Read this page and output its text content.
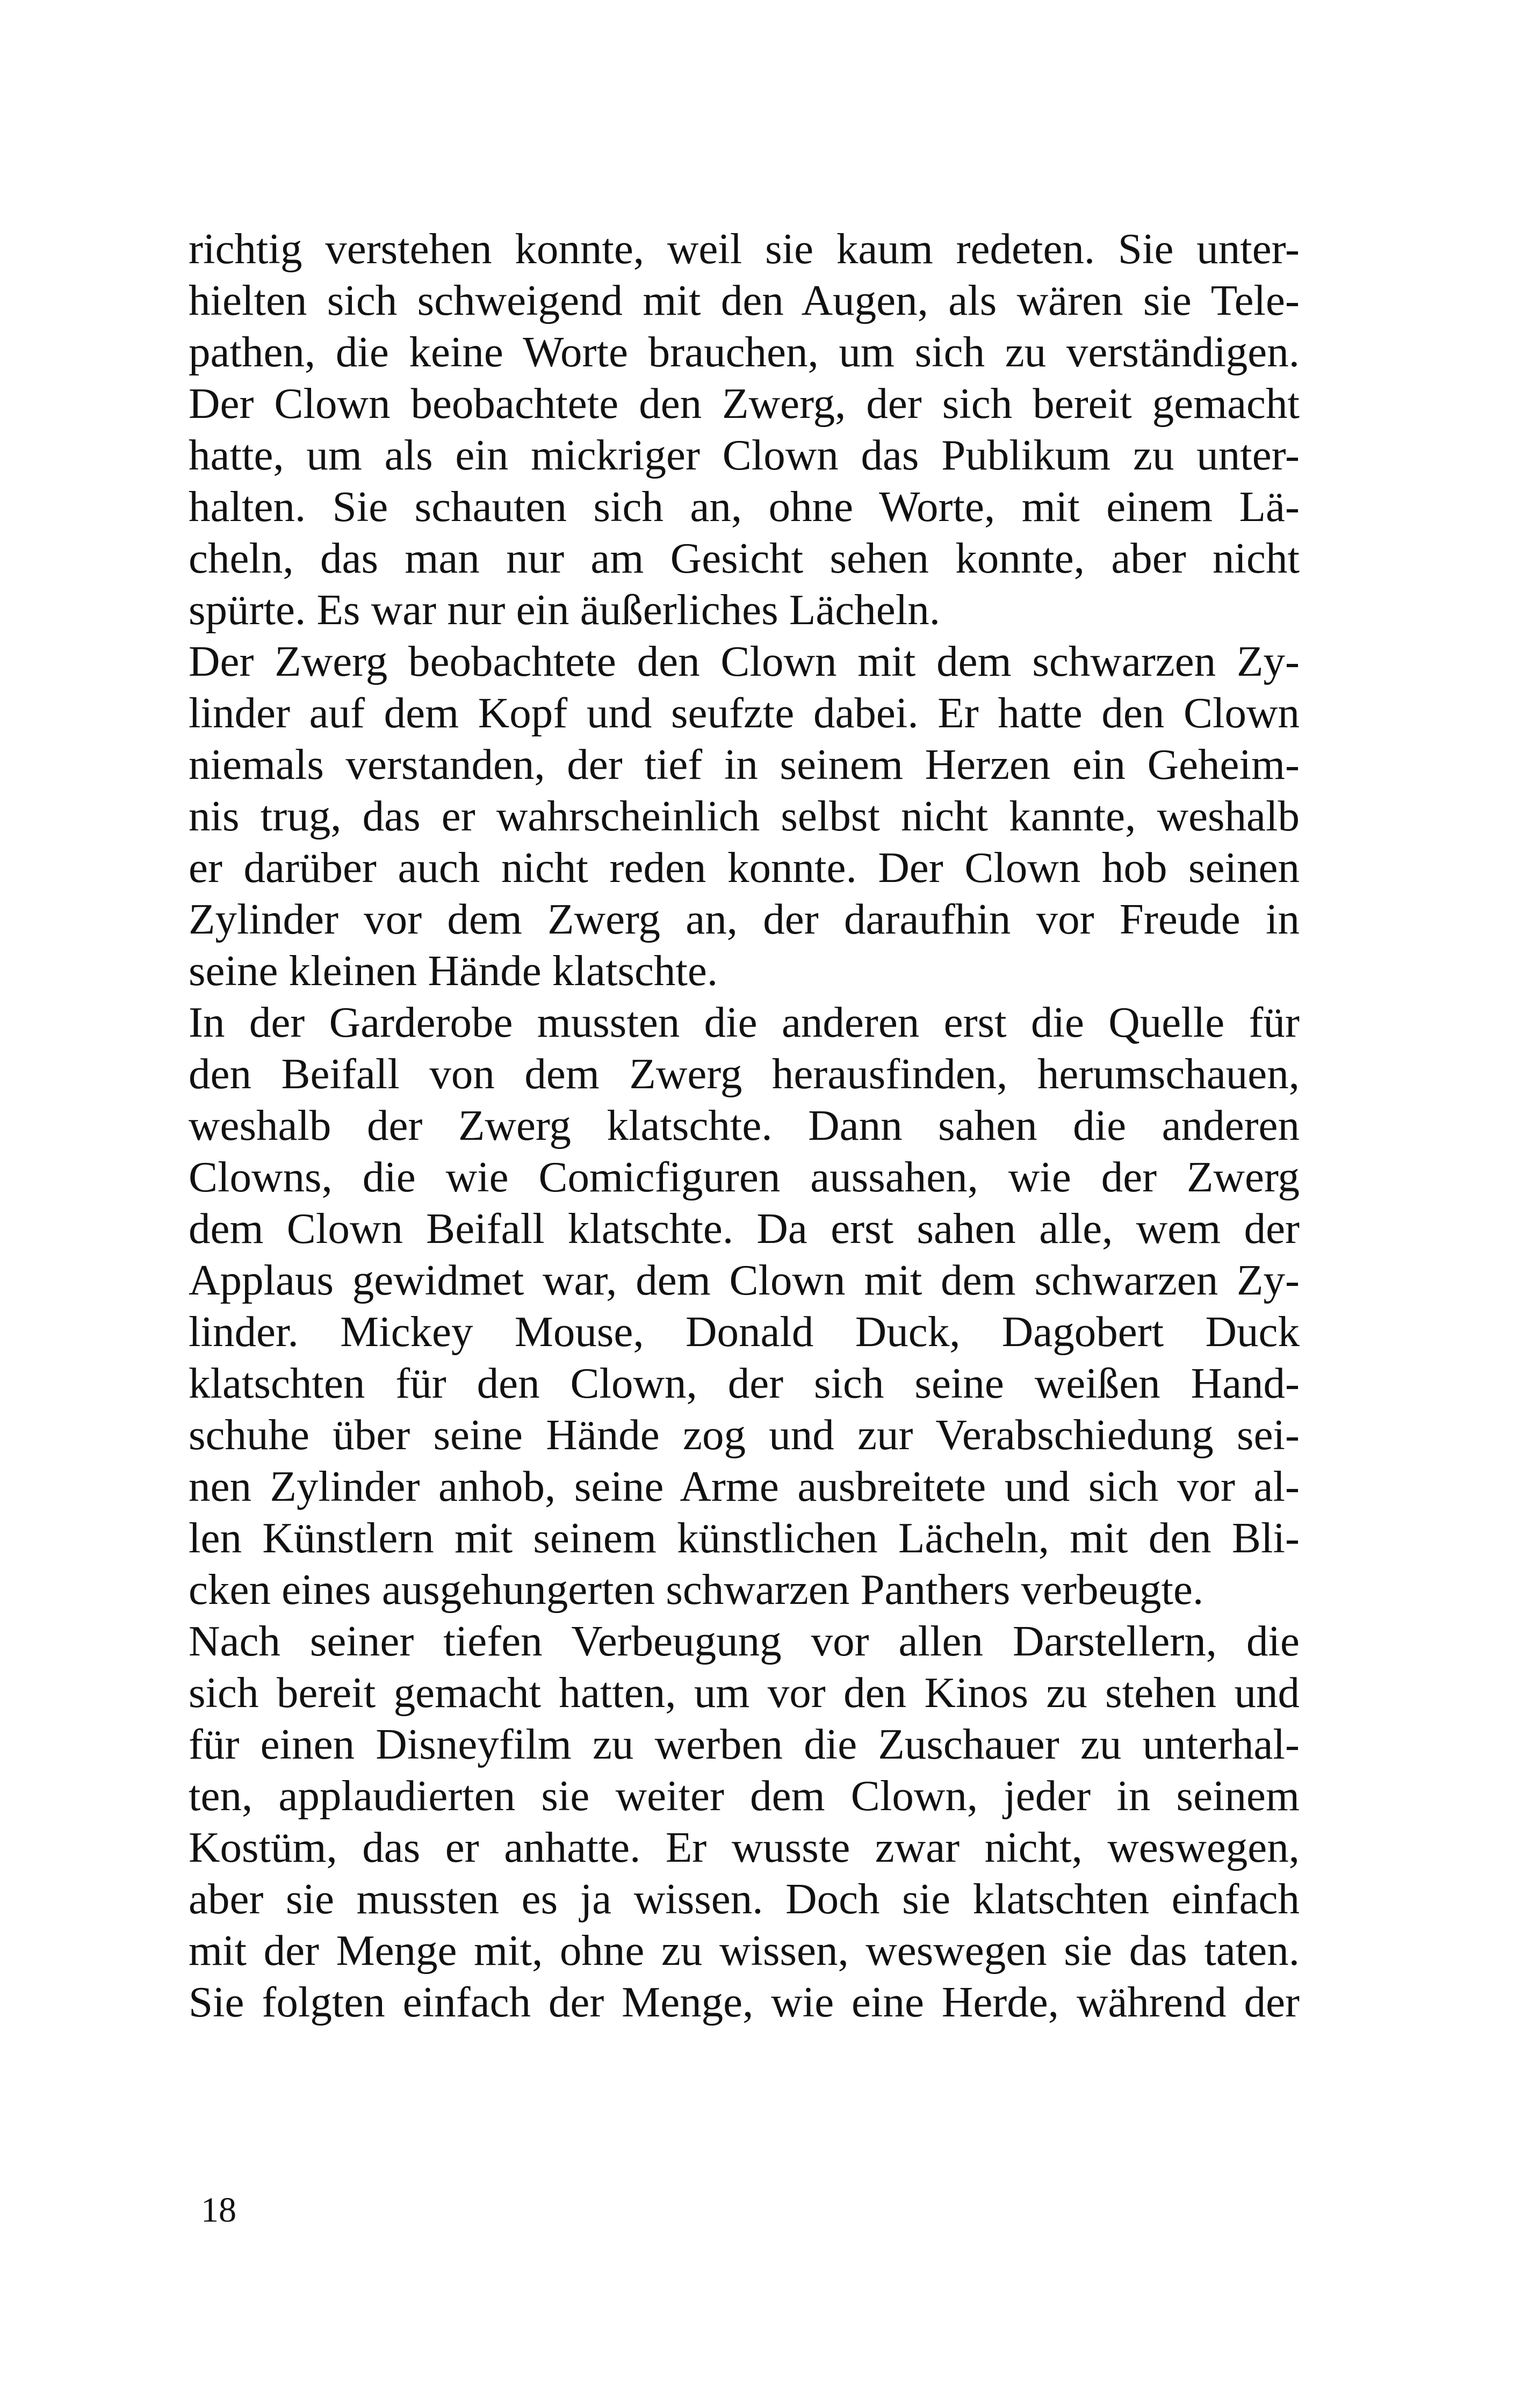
richtig verstehen konnte, weil sie kaum redeten. Sie unter-
hielten sich schweigend mit den Augen, als wären sie Tele-
pathen, die keine Worte brauchen, um sich zu verständigen.
Der Clown beobachtete den Zwerg, der sich bereit gemacht
hatte, um als ein mickriger Clown das Publikum zu unter-
halten. Sie schauten sich an, ohne Worte, mit einem Lä-
cheln, das man nur am Gesicht sehen konnte, aber nicht
spürte. Es war nur ein äußerliches Lächeln.
Der Zwerg beobachtete den Clown mit dem schwarzen Zy-
linder auf dem Kopf und seufzte dabei. Er hatte den Clown
niemals verstanden, der tief in seinem Herzen ein Geheim-
nis trug, das er wahrscheinlich selbst nicht kannte, weshalb
er darüber auch nicht reden konnte. Der Clown hob seinen
Zylinder vor dem Zwerg an, der daraufhin vor Freude in
seine kleinen Hände klatschte.
In der Garderobe mussten die anderen erst die Quelle für
den Beifall von dem Zwerg herausfinden, herumschauen,
weshalb der Zwerg klatschte. Dann sahen die anderen
Clowns, die wie Comicfiguren aussahen, wie der Zwerg
dem Clown Beifall klatschte. Da erst sahen alle, wem der
Applaus gewidmet war, dem Clown mit dem schwarzen Zy-
linder. Mickey Mouse, Donald Duck, Dagobert Duck
klatschten für den Clown, der sich seine weißen Hand-
schuhe über seine Hände zog und zur Verabschiedung sei-
nen Zylinder anhob, seine Arme ausbreitete und sich vor al-
len Künstlern mit seinem künstlichen Lächeln, mit den Bli-
cken eines ausgehungerten schwarzen Panthers verbeugte.
Nach seiner tiefen Verbeugung vor allen Darstellern, die
sich bereit gemacht hatten, um vor den Kinos zu stehen und
für einen Disneyfilm zu werben die Zuschauer zu unterhal-
ten, applaudierten sie weiter dem Clown, jeder in seinem
Kostüm, das er anhatte. Er wusste zwar nicht, weswegen,
aber sie mussten es ja wissen. Doch sie klatschten einfach
mit der Menge mit, ohne zu wissen, weswegen sie das taten.
Sie folgten einfach der Menge, wie eine Herde, während der
18
